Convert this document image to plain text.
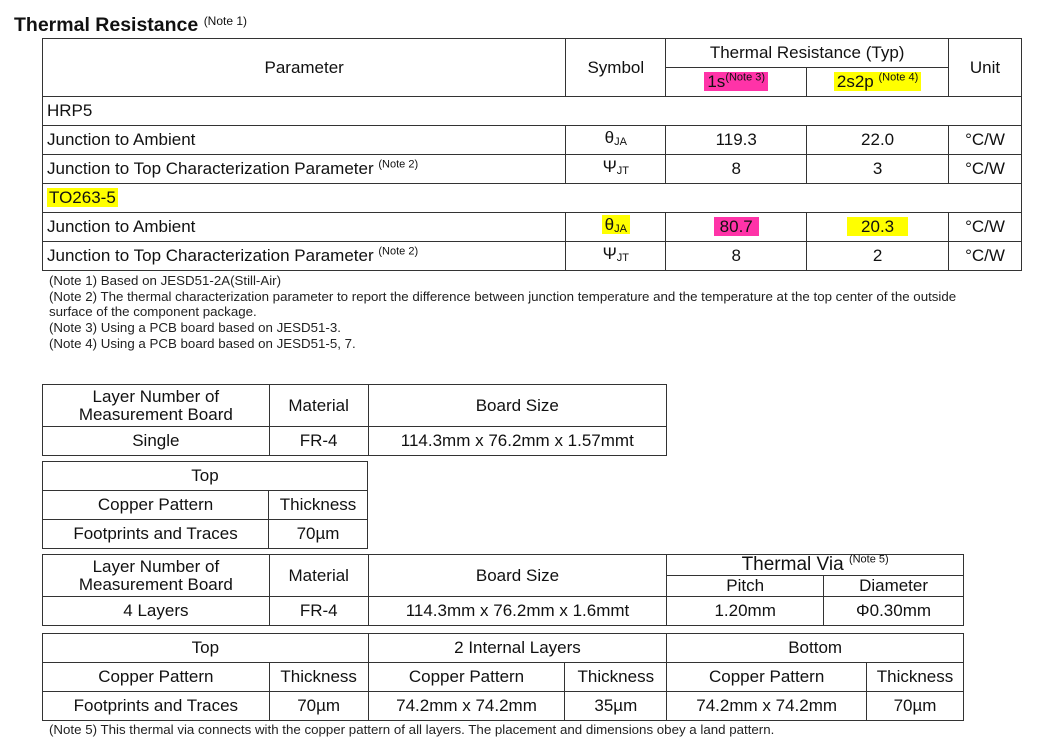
Thermal Resistance $^{(Note 1)}$
Parameter	Symbol	Thermal Resistance (Typ)		Unit
		$1s^{(Note 3)}$	2s2p $^{(Note 4)}$
HRP5				
Junction to Ambient	θJA	119.3	22.0	°C/W
Junction to Top Characterization Parameter $^{(Note 2)}$	ΨJT	8	3	°C/W
TO263-5				
Junction to Ambient	θJA	80.7	20.3	°C/W
Junction to Top Characterization Parameter $^{(Note 2)}$	ΨJT	8	2	°C/W
(Note 1) Based on JESD51-2A(Still-Air)
(Note 2) The thermal characterization parameter to report the difference between junction temperature and the temperature at the top center of the outside
surface of the component package.
(Note 3) Using a PCB board based on JESD51-3.
(Note 4) Using a PCB board based on JESD51-5, 7.
Layer Number of Measurement Board	Material	Board Size
Single	FR-4	114.3mm x 76.2mm x 1.57mmt
Top	
Copper Pattern	Thickness
Footprints and Traces	70µm
Layer Number of Measurement Board	Material	Board Size	Thermal Via $^{(Note 5)}$
			Pitch	Diameter
4 Layers	FR-4	114.3mm x 76.2mm x 1.6mmt	1.20mm	Φ0.30mm
Top		2 Internal Layers		Bottom	
Copper Pattern	Thickness	Copper Pattern	Thickness	Copper Pattern	Thickness
Footprints and Traces	70µm	74.2mm x 74.2mm	35µm	74.2mm x 74.2mm	70µm
(Note 5) This thermal via connects with the copper pattern of all layers. The placement and dimensions obey a land pattern.
